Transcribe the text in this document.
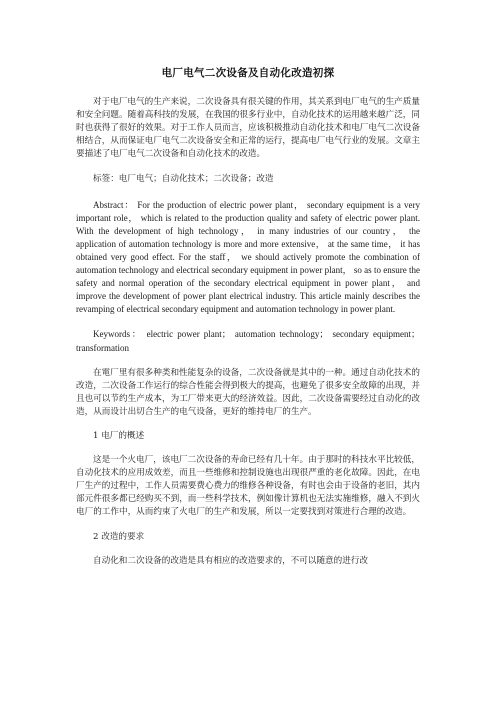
电厂电气二次设备及自动化改造初探

对于电厂电气的生产来说，二次设备具有很关键的作用，其关系到电厂电气的生产质量和安全问题。随着高科技的发展，在我国的很多行业中，自动化技术的运用越来越广泛，同时也获得了很好的效果。对于工作人员而言，应该积极推动自动化技术和电厂电气二次设备相结合，从而保证电厂电气二次设备安全和正常的运行，提高电厂电气行业的发展。文章主要描述了电厂电气二次设备和自动化技术的改造。

标签：电厂电气；自动化技术；二次设备；改造

Abstract： For the production of electric power plant， secondary equipment is a very important role， which is related to the production quality and safety of electric power plant. With the development of high technology， in many industries of our country， the application of automation technology is more and more extensive， at the same time， it has obtained very good effect. For the staff， we should actively promote the combination of automation technology and electrical secondary equipment in power plant， so as to ensure the safety and normal operation of the secondary electrical equipment in power plant， and improve the development of power plant electrical industry. This article mainly describes the revamping of electrical secondary equipment and automation technology in power plant.

Keywords： electric power plant； automation technology； secondary equipment； transformation

在電厂里有很多种类和性能复杂的设备，二次设备就是其中的一种。通过自动化技术的改造，二次设备工作运行的综合性能会得到极大的提高，也避免了很多安全故障的出现，并且也可以节约生产成本，为工厂带来更大的经济效益。因此，二次设备需要经过自动化的改造，从而设计出切合生产的电气设备，更好的维持电厂的生产。

1 电厂的概述

这是一个火电厂，该电厂二次设备的寿命已经有几十年。由于那时的科技水平比较低，自动化技术的应用成效差，而且一些维修和控制设施也出现很严重的老化故障。因此，在电厂生产的过程中，工作人员需要费心费力的维修各种设备，有时也会由于设备的老旧，其内部元件很多都已经购买不到，而一些科学技术，例如像计算机也无法实施维修，融入不到火电厂的工作中，从而约束了火电厂的生产和发展，所以一定要找到对策进行合理的改造。

2 改造的要求

自动化和二次设备的改造是具有相应的改造要求的，不可以随意的进行改
